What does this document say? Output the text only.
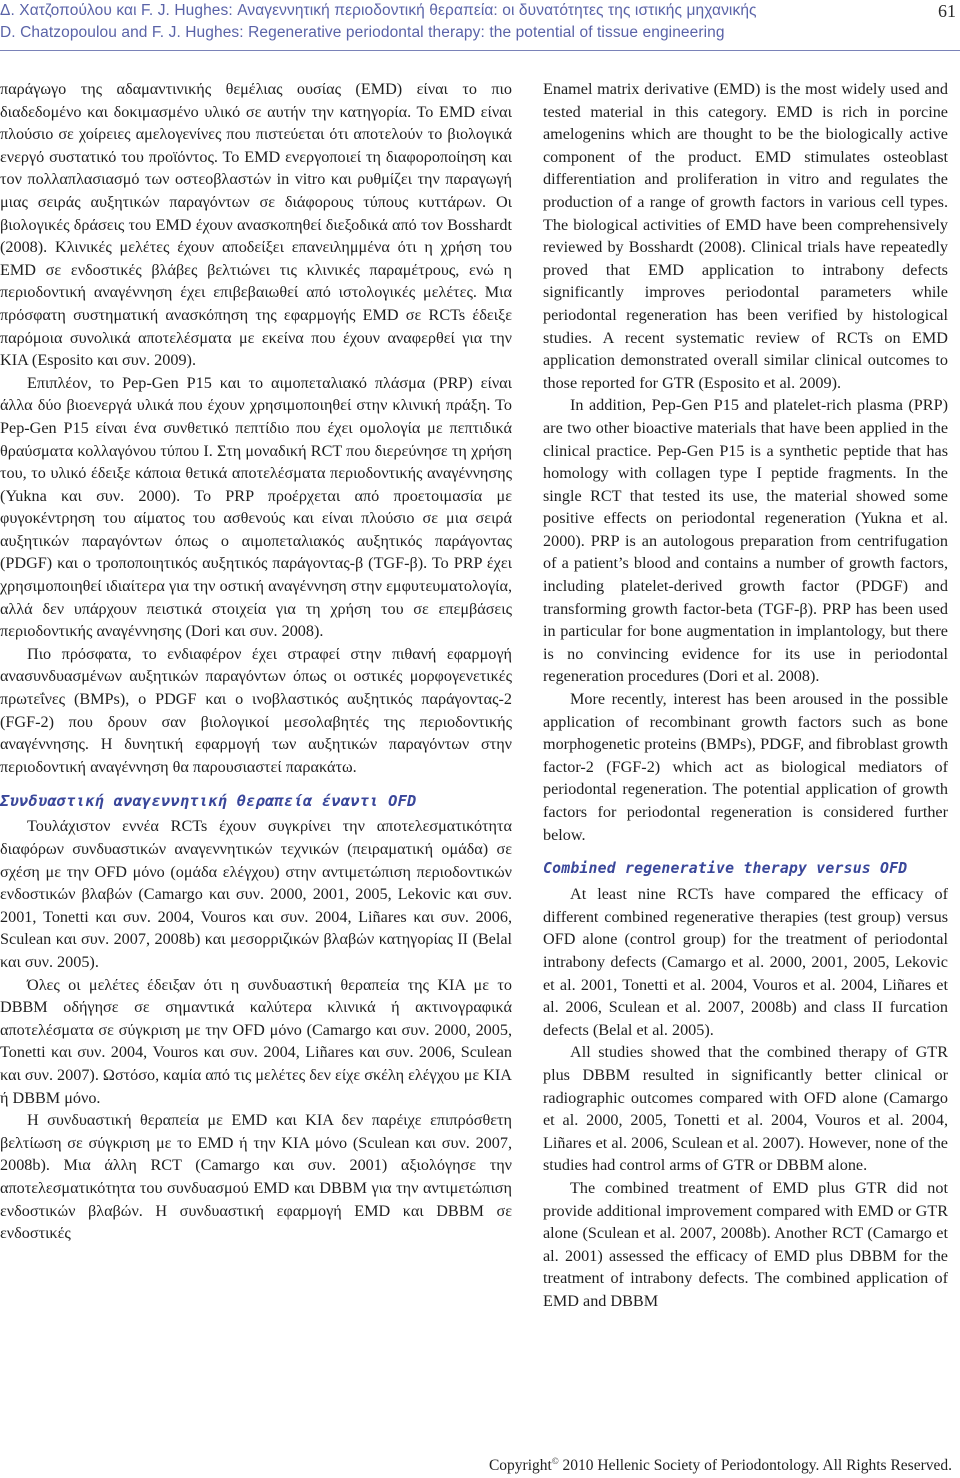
Δ. Χατζοπούλου και F. J. Hughes: Αναγεννητική περιοδοντική θεραπεία: οι δυνατότητες της ιστικής μηχανικής
D. Chatzopoulou and F. J. Hughes: Regenerative periodontal therapy: the potential of tissue engineering
61

παράγωγο της αδαμαντινικής θεμέλιας ουσίας (EMD) είναι το πιο διαδεδομένο και δοκιμασμένο υλικό σε αυτήν την κατηγορία. Το EMD είναι πλούσιο σε χοίρειες αμελογενίνες που πιστεύεται ότι αποτελούν το βιολογικά ενεργό συστατικό του προϊόντος. Το EMD ενεργοποιεί τη διαφοροποίηση και τον πολλαπλασιασμό των οστεοβλαστών in vitro και ρυθμίζει την παραγωγή μιας σειράς αυξητικών παραγόντων σε διάφορους τύπους κυττάρων. Οι βιολογικές δράσεις του EMD έχουν ανασκοπηθεί διεξοδικά από τον Bosshardt (2008). Κλινικές μελέτες έχουν αποδείξει επανειλημμένα ότι η χρήση του EMD σε ενδοστικές βλάβες βελτιώνει τις κλινικές παραμέτρους, ενώ η περιοδοντική αναγέννηση έχει επιβεβαιωθεί από ιστολογικές μελέτες. Μια πρόσφατη συστηματική ανασκόπηση της εφαρμογής EMD σε RCTs έδειξε παρόμοια συνολικά αποτελέσματα με εκείνα που έχουν αναφερθεί για την ΚΙΑ (Esposito και συν. 2009).

Επιπλέον, το Pep-Gen P15 και το αιμοπεταλιακό πλάσμα (PRP) είναι άλλα δύο βιοενεργά υλικά που έχουν χρησιμοποιηθεί στην κλινική πράξη. Το Pep-Gen P15 είναι ένα συνθετικό πεπτίδιο που έχει ομολογία με πεπτιδικά θραύσματα κολλαγόνου τύπου I. Στη μοναδική RCT που διερεύνησε τη χρήση του, το υλικό έδειξε κάποια θετικά αποτελέσματα περιοδοντικής αναγέννησης (Yukna και συν. 2000). Το PRP προέρχεται από προετοιμασία με φυγοκέντρηση του αίματος του ασθενούς και είναι πλούσιο σε μια σειρά αυξητικών παραγόντων όπως ο αιμοπεταλιακός αυξητικός παράγοντας (PDGF) και ο τροποποιητικός αυξητικός παράγοντας-β (TGF-β). Το PRP έχει χρησιμοποιηθεί ιδιαίτερα για την οστική αναγέννηση στην εμφυτευματολογία, αλλά δεν υπάρχουν πειστικά στοιχεία για τη χρήση του σε επεμβάσεις περιοδοντικής αναγέννησης (Dori και συν. 2008).

Πιο πρόσφατα, το ενδιαφέρον έχει στραφεί στην πιθανή εφαρμογή ανασυνδυασμένων αυξητικών παραγόντων όπως οι οστικές μορφογενετικές πρωτεΐνες (BMPs), ο PDGF και ο ινοβλαστικός αυξητικός παράγοντας-2 (FGF-2) που δρουν σαν βιολογικοί μεσολαβητές της περιοδοντικής αναγέννησης. Η δυνητική εφαρμογή των αυξητικών παραγόντων στην περιοδοντική αναγέννηση θα παρουσιαστεί παρακάτω.

Συνδυαστική αναγεννητική θεραπεία έναντι OFD

Τουλάχιστον εννέα RCTs έχουν συγκρίνει την αποτελεσματικότητα διαφόρων συνδυαστικών αναγεννητικών τεχνικών (πειραματική ομάδα) σε σχέση με την OFD μόνο (ομάδα ελέγχου) στην αντιμετώπιση περιοδοντικών ενδοστικών βλαβών (Camargo και συν. 2000, 2001, 2005, Lekovic και συν. 2001, Tonetti και συν. 2004, Vouros και συν. 2004, Liñares και συν. 2006, Sculean και συν. 2007, 2008b) και μεσορριζικών βλαβών κατηγορίας II (Belal και συν. 2005).

Όλες οι μελέτες έδειξαν ότι η συνδυαστική θεραπεία της ΚΙΑ με το DBBM οδήγησε σε σημαντικά καλύτερα κλινικά ή ακτινογραφικά αποτελέσματα σε σύγκριση με την OFD μόνο (Camargo και συν. 2000, 2005, Tonetti και συν. 2004, Vouros και συν. 2004, Liñares και συν. 2006, Sculean και συν. 2007). Ωστόσο, καμία από τις μελέτες δεν είχε σκέλη ελέγχου με ΚΙΑ ή DBBM μόνο.

Η συνδυαστική θεραπεία με EMD και ΚΙΑ δεν παρέιχε επιπρόσθετη βελτίωση σε σύγκριση με το EMD ή την ΚΙΑ μόνο (Sculean και συν. 2007, 2008b). Μια άλλη RCT (Camargo και συν. 2001) αξιολόγησε την αποτελεσματικότητα του συνδυασμού EMD και DBBM για την αντιμετώπιση ενδοστικών βλαβών. Η συνδυαστική εφαρμογή EMD και DBBM σε ενδοστικές

Enamel matrix derivative (EMD) is the most widely used and tested material in this category. EMD is rich in porcine amelogenins which are thought to be the biologically active component of the product. EMD stimulates osteoblast differentiation and proliferation in vitro and regulates the production of a range of growth factors in various cell types. The biological activities of EMD have been comprehensively reviewed by Bosshardt (2008). Clinical trials have repeatedly proved that EMD application to intrabony defects significantly improves periodontal parameters while periodontal regeneration has been verified by histological studies. A recent systematic review of RCTs on EMD application demonstrated overall similar clinical outcomes to those reported for GTR (Esposito et al. 2009).

In addition, Pep-Gen P15 and platelet-rich plasma (PRP) are two other bioactive materials that have been applied in the clinical practice. Pep-Gen P15 is a synthetic peptide that has homology with collagen type I peptide fragments. In the single RCT that tested its use, the material showed some positive effects on periodontal regeneration (Yukna et al. 2000). PRP is an autologous preparation from centrifugation of a patient’s blood and contains a number of growth factors, including platelet-derived growth factor (PDGF) and transforming growth factor-beta (TGF-β). PRP has been used in particular for bone augmentation in implantology, but there is no convincing evidence for its use in periodontal regeneration procedures (Dori et al. 2008).

More recently, interest has been aroused in the possible application of recombinant growth factors such as bone morphogenetic proteins (BMPs), PDGF, and fibroblast growth factor-2 (FGF-2) which act as biological mediators of periodontal regeneration. The potential application of growth factors for periodontal regeneration is considered further below.

Combined regenerative therapy versus OFD

At least nine RCTs have compared the efficacy of different combined regenerative therapies (test group) versus OFD alone (control group) for the treatment of periodontal intrabony defects (Camargo et al. 2000, 2001, 2005, Lekovic et al. 2001, Tonetti et al. 2004, Vouros et al. 2004, Liñares et al. 2006, Sculean et al. 2007, 2008b) and class II furcation defects (Belal et al. 2005).

All studies showed that the combined therapy of GTR plus DBBM resulted in significantly better clinical or radiographic outcomes compared with OFD alone (Camargo et al. 2000, 2005, Tonetti et al. 2004, Vouros et al. 2004, Liñares et al. 2006, Sculean et al. 2007). However, none of the studies had control arms of GTR or DBBM alone.

The combined treatment of EMD plus GTR did not provide additional improvement compared with EMD or GTR alone (Sculean et al. 2007, 2008b). Another RCT (Camargo et al. 2001) assessed the efficacy of EMD plus DBBM for the treatment of intrabony defects. The combined application of EMD and DBBM

Copyright© 2010 Hellenic Society of Periodontology. All Rights Reserved.
